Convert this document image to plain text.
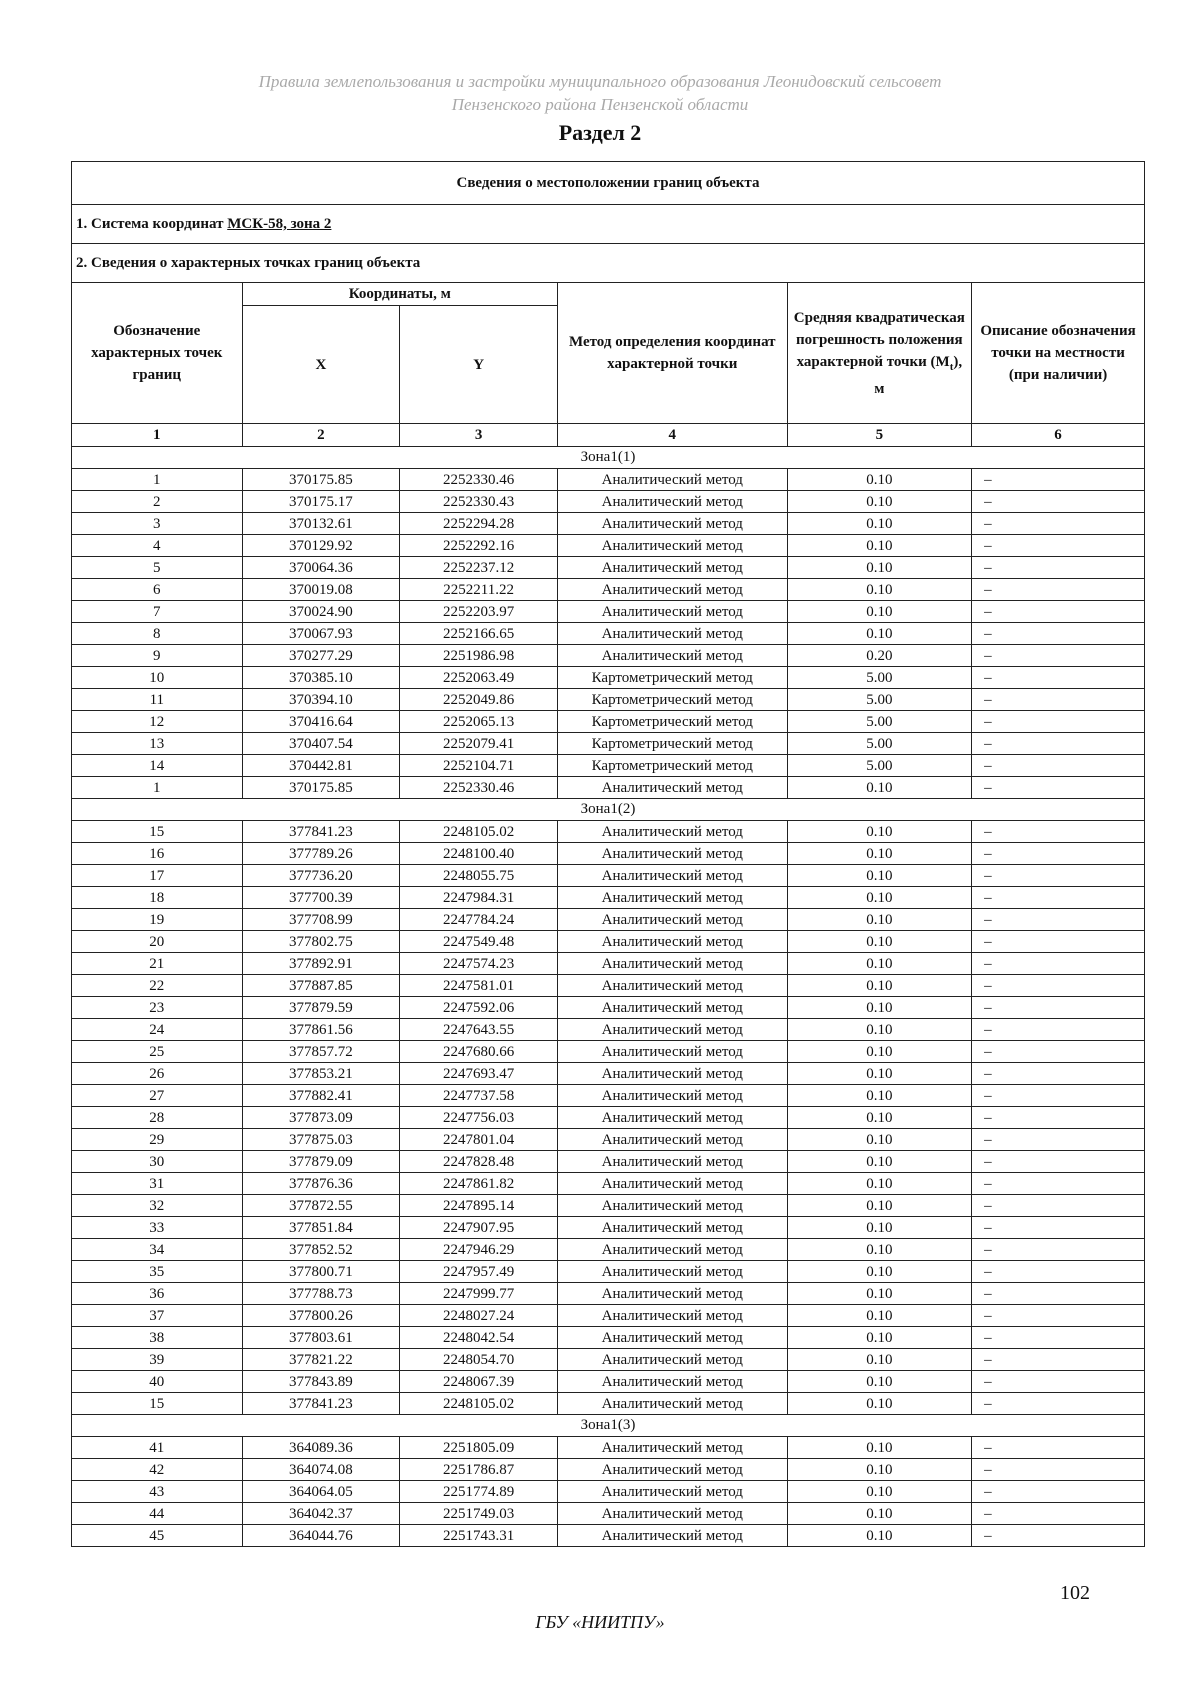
Правила землепользования и застройки муниципального образования Леонидовский сельсовет
Пензенского района Пензенской области
Раздел 2
Сведения о местоположении границ объекта					
1. Система координат МСК-58, зона 2					
2. Сведения о характерных точках границ объекта					
Обозначение характерных точек границ	Координаты, м		Метод определения координат характерной точки	Средняя квадратическая погрешность положения характерной точки $(M_t)$, м	Описание обозначения точки на местности (при наличии)
	X	Y			
1	2	3	4	5	6
Зона1(1)					
1	370175.85	2252330.46	Аналитический метод	0.10	–
2	370175.17	2252330.43	Аналитический метод	0.10	–
3	370132.61	2252294.28	Аналитический метод	0.10	–
4	370129.92	2252292.16	Аналитический метод	0.10	–
5	370064.36	2252237.12	Аналитический метод	0.10	–
6	370019.08	2252211.22	Аналитический метод	0.10	–
7	370024.90	2252203.97	Аналитический метод	0.10	–
8	370067.93	2252166.65	Аналитический метод	0.10	–
9	370277.29	2251986.98	Аналитический метод	0.20	–
10	370385.10	2252063.49	Картометрический метод	5.00	–
11	370394.10	2252049.86	Картометрический метод	5.00	–
12	370416.64	2252065.13	Картометрический метод	5.00	–
13	370407.54	2252079.41	Картометрический метод	5.00	–
14	370442.81	2252104.71	Картометрический метод	5.00	–
1	370175.85	2252330.46	Аналитический метод	0.10	–
Зона1(2)					
15	377841.23	2248105.02	Аналитический метод	0.10	–
16	377789.26	2248100.40	Аналитический метод	0.10	–
17	377736.20	2248055.75	Аналитический метод	0.10	–
18	377700.39	2247984.31	Аналитический метод	0.10	–
19	377708.99	2247784.24	Аналитический метод	0.10	–
20	377802.75	2247549.48	Аналитический метод	0.10	–
21	377892.91	2247574.23	Аналитический метод	0.10	–
22	377887.85	2247581.01	Аналитический метод	0.10	–
23	377879.59	2247592.06	Аналитический метод	0.10	–
24	377861.56	2247643.55	Аналитический метод	0.10	–
25	377857.72	2247680.66	Аналитический метод	0.10	–
26	377853.21	2247693.47	Аналитический метод	0.10	–
27	377882.41	2247737.58	Аналитический метод	0.10	–
28	377873.09	2247756.03	Аналитический метод	0.10	–
29	377875.03	2247801.04	Аналитический метод	0.10	–
30	377879.09	2247828.48	Аналитический метод	0.10	–
31	377876.36	2247861.82	Аналитический метод	0.10	–
32	377872.55	2247895.14	Аналитический метод	0.10	–
33	377851.84	2247907.95	Аналитический метод	0.10	–
34	377852.52	2247946.29	Аналитический метод	0.10	–
35	377800.71	2247957.49	Аналитический метод	0.10	–
36	377788.73	2247999.77	Аналитический метод	0.10	–
37	377800.26	2248027.24	Аналитический метод	0.10	–
38	377803.61	2248042.54	Аналитический метод	0.10	–
39	377821.22	2248054.70	Аналитический метод	0.10	–
40	377843.89	2248067.39	Аналитический метод	0.10	–
15	377841.23	2248105.02	Аналитический метод	0.10	–
Зона1(3)					
41	364089.36	2251805.09	Аналитический метод	0.10	–
42	364074.08	2251786.87	Аналитический метод	0.10	–
43	364064.05	2251774.89	Аналитический метод	0.10	–
44	364042.37	2251749.03	Аналитический метод	0.10	–
45	364044.76	2251743.31	Аналитический метод	0.10	–
102
ГБУ «НИИТПУ»
